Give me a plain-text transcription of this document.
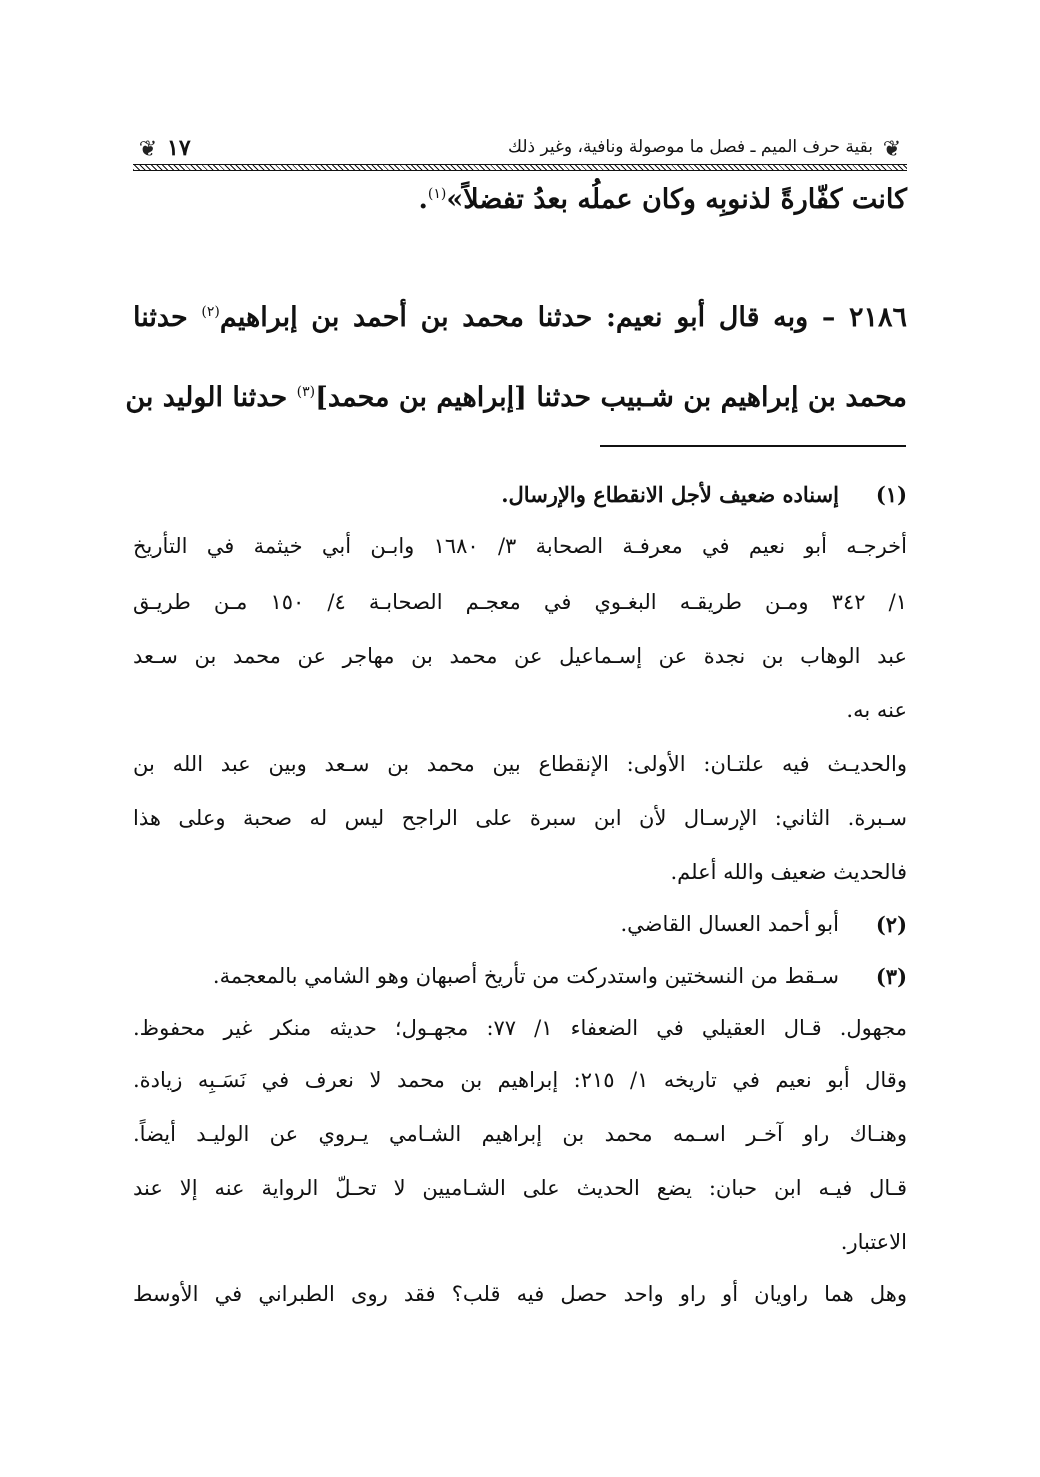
❦
بقية حرف الميم ـ فصل ما موصولة ونافية، وغير ذلك
١٧
❦
كانت كفّارةً لذنوبِه وكان عملُه بعدُ تفضلاً»$^{(١)}$.
٢١٨٦ – وبه قال أبو نعيم: حدثنا محمد بن أحمد بن إبراهيم$^{(٢)}$ حدثنا
محمد بن إبراهيم بن شـبيب حدثنا [إبراهيم بن محمد]$^{(٣)}$ حدثنا الوليد بن
(١)
إسناده ضعيف لأجل الانقطاع والإرسال.
أخرجـه أبو نعيم في معرفـة الصحابة ٣/ ١٦٨٠ وابـن أبي خيثمة في التأريخ
١/ ٣٤٢ ومـن طريقـه البغـوي في معجـم الصحابـة ٤/ ١٥٠ مـن طريـق
عبد الوهاب بن نجدة عن إسـماعيل عن محمد بن مهاجر عن محمد بن سـعد
عنه به.
والحديـث فيه علتـان: الأولى: الإنقطاع بين محمد بن سـعد وبين عبد الله بن
سـبرة. الثاني: الإرسـال لأن ابن سبرة على الراجح ليس له صحبة وعلى هذا
فالحديث ضعيف والله أعلم.
(٢)
أبو أحمد العسال القاضي.
(٣)
سـقط من النسختين واستدركت من تأريخ أصبهان وهو الشامي بالمعجمة.
مجهول. قـال العقيلي في الضعفاء ١/ ٧٧: مجهـول؛ حديثه منكر غير محفوظ.
وقال أبو نعيم في تاريخه ١/ ٢١٥: إبراهيم بن محمد لا نعرف في نَسَـبِه زيادة.
وهنـاك راو آخـر اسـمه محمد بن إبراهيم الشـامي يـروي عن الوليـد أيضاً.
قـال فيـه ابن حبان: يضع الحديث على الشـاميين لا تحـلّ الرواية عنه إلا عند
الاعتبار.
وهل هما راويان أو راو واحد حصل فيه قلب؟ فقد روى الطبراني في الأوسط
